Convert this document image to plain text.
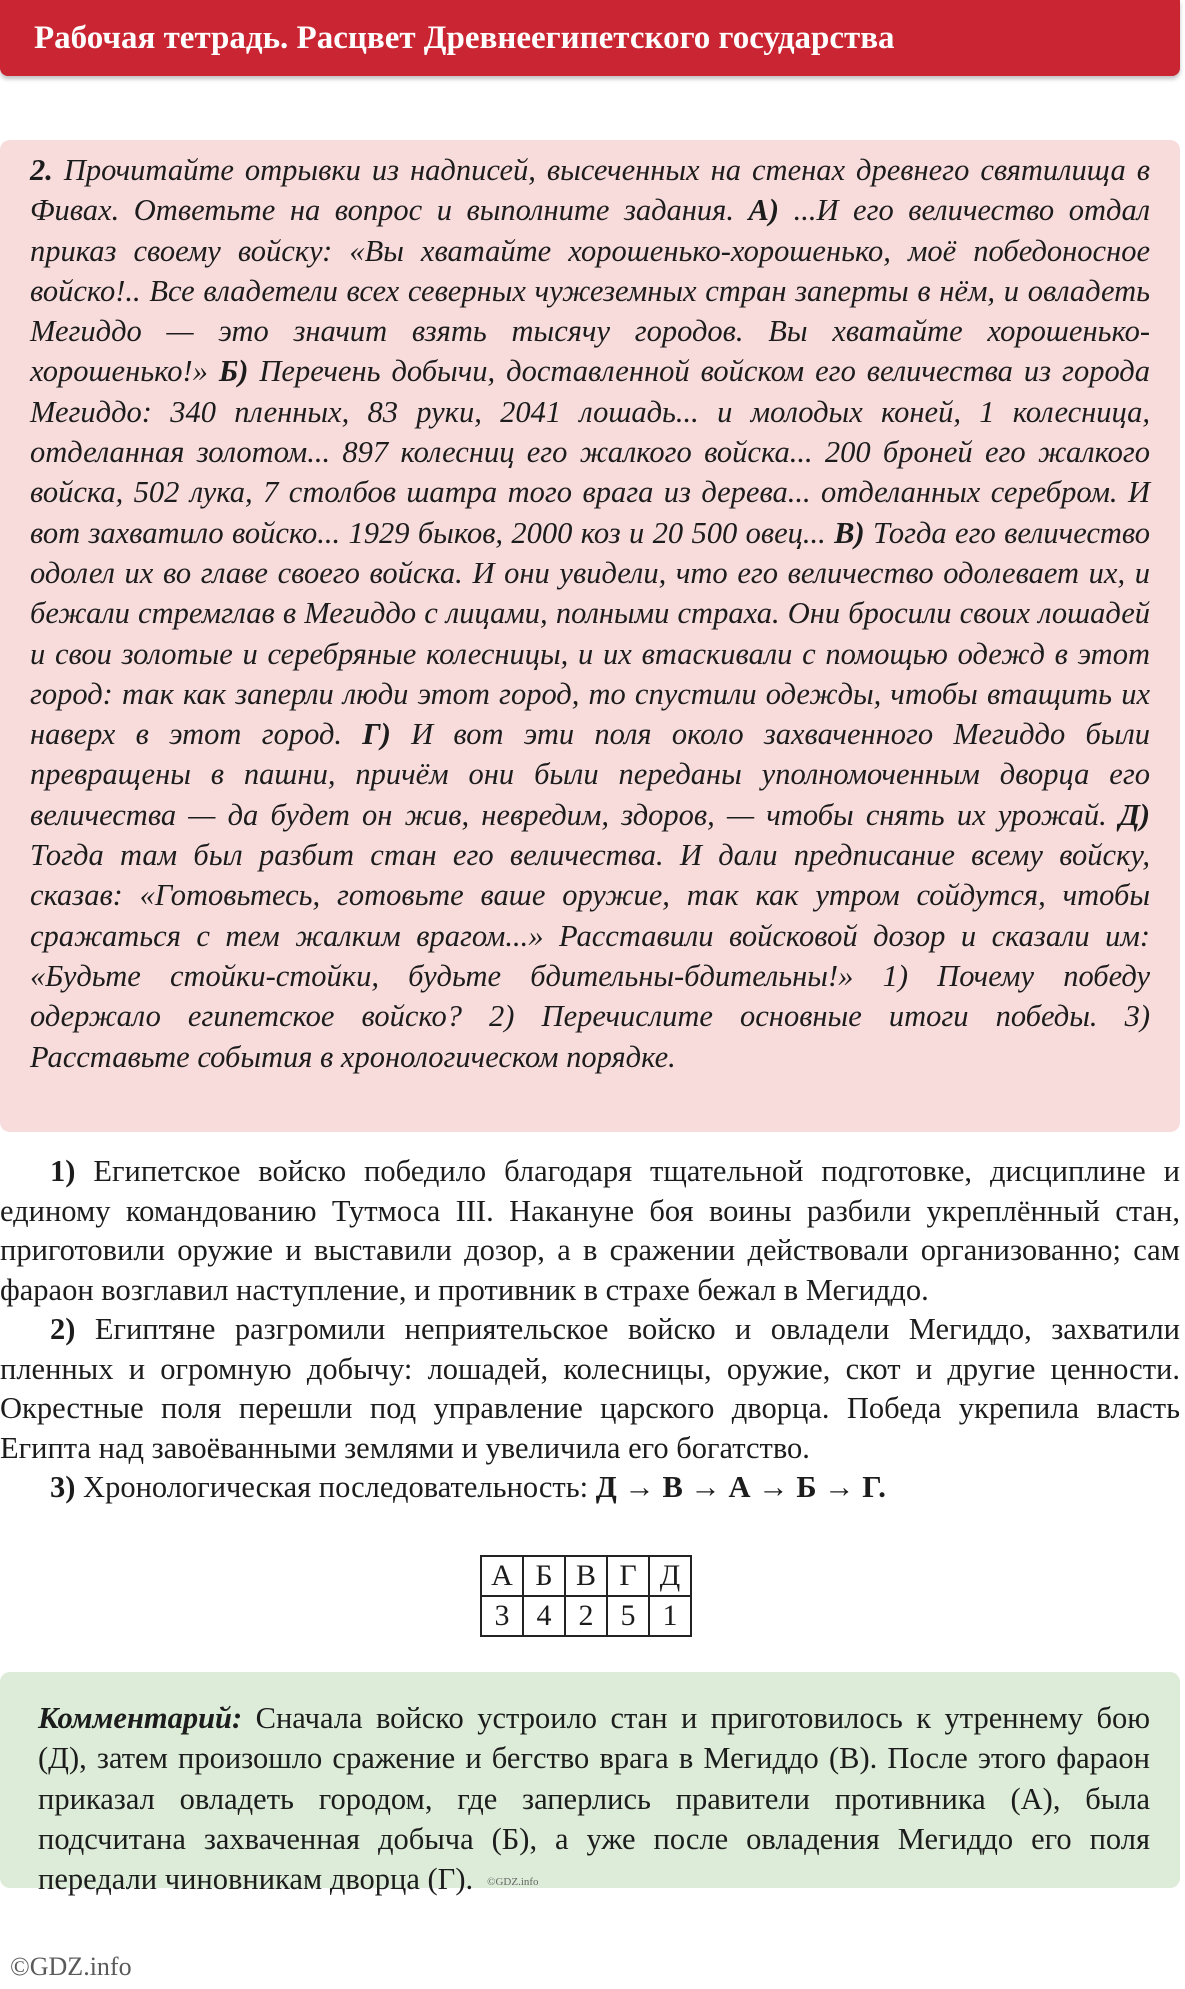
Рабочая тетрадь. Расцвет Древнеегипетского государства

2. Прочитайте отрывки из надписей, высеченных на стенах древнего святилища в Фивах. Ответьте на вопрос и выполните задания. А) ...И его величество отдал приказ своему войску: «Вы хватайте хорошенько-хорошенько, моё победоносное войско!.. Все владетели всех северных чужеземных стран заперты в нём, и овладеть Мегиддо — это значит взять тысячу городов. Вы хватайте хорошенько-хорошенько!» Б) Перечень добычи, доставленной войском его величества из города Мегиддо: 340 пленных, 83 руки, 2041 лошадь... и молодых коней, 1 колесница, отделанная золотом... 897 колесниц его жалкого войска... 200 броней его жалкого войска, 502 лука, 7 столбов шатра того врага из дерева... отделанных серебром. И вот захватило войско... 1929 быков, 2000 коз и 20 500 овец... В) Тогда его величество одолел их во главе своего войска. И они увидели, что его величество одолевает их, и бежали стремглав в Мегиддо с лицами, полными страха. Они бросили своих лошадей и свои золотые и серебряные колесницы, и их втаскивали с помощью одежд в этот город: так как заперли люди этот город, то спустили одежды, чтобы втащить их наверх в этот город. Г) И вот эти поля около захваченного Мегиддо были превращены в пашни, причём они были переданы уполномоченным дворца его величества — да будет он жив, невредим, здоров, — чтобы снять их урожай. Д) Тогда там был разбит стан его величества. И дали предписание всему войску, сказав: «Готовьтесь, готовьте ваше оружие, так как утром сойдутся, чтобы сражаться с тем жалким врагом...» Расставили войсковой дозор и сказали им: «Будьте стойки-стойки, будьте бдительны-бдительны!» 1) Почему победу одержало египетское войско? 2) Перечислите основные итоги победы. 3) Расставьте события в хронологическом порядке.

1) Египетское войско победило благодаря тщательной подготовке, дисциплине и единому командованию Тутмоса III. Накануне боя воины разбили укреплённый стан, приготовили оружие и выставили дозор, а в сражении действовали организованно; сам фараон возглавил наступление, и противник в страхе бежал в Мегиддо.

2) Египтяне разгромили неприятельское войско и овладели Мегиддо, захватили пленных и огромную добычу: лошадей, колесницы, оружие, скот и другие ценности. Окрестные поля перешли под управление царского дворца. Победа укрепила власть Египта над завоёванными землями и увеличила его богатство.

3) Хронологическая последовательность: Д → В → А → Б → Г.

А	Б	В	Г	Д
3	4	2	5	1

Комментарий: Сначала войско устроило стан и приготовилось к утреннему бою (Д), затем произошло сражение и бегство врага в Мегиддо (В). После этого фараон приказал овладеть городом, где заперлись правители противника (А), была подсчитана захваченная добыча (Б), а уже после овладения Мегиддо его поля передали чиновникам дворца (Г). ©GDZ.info

©GDZ.info
